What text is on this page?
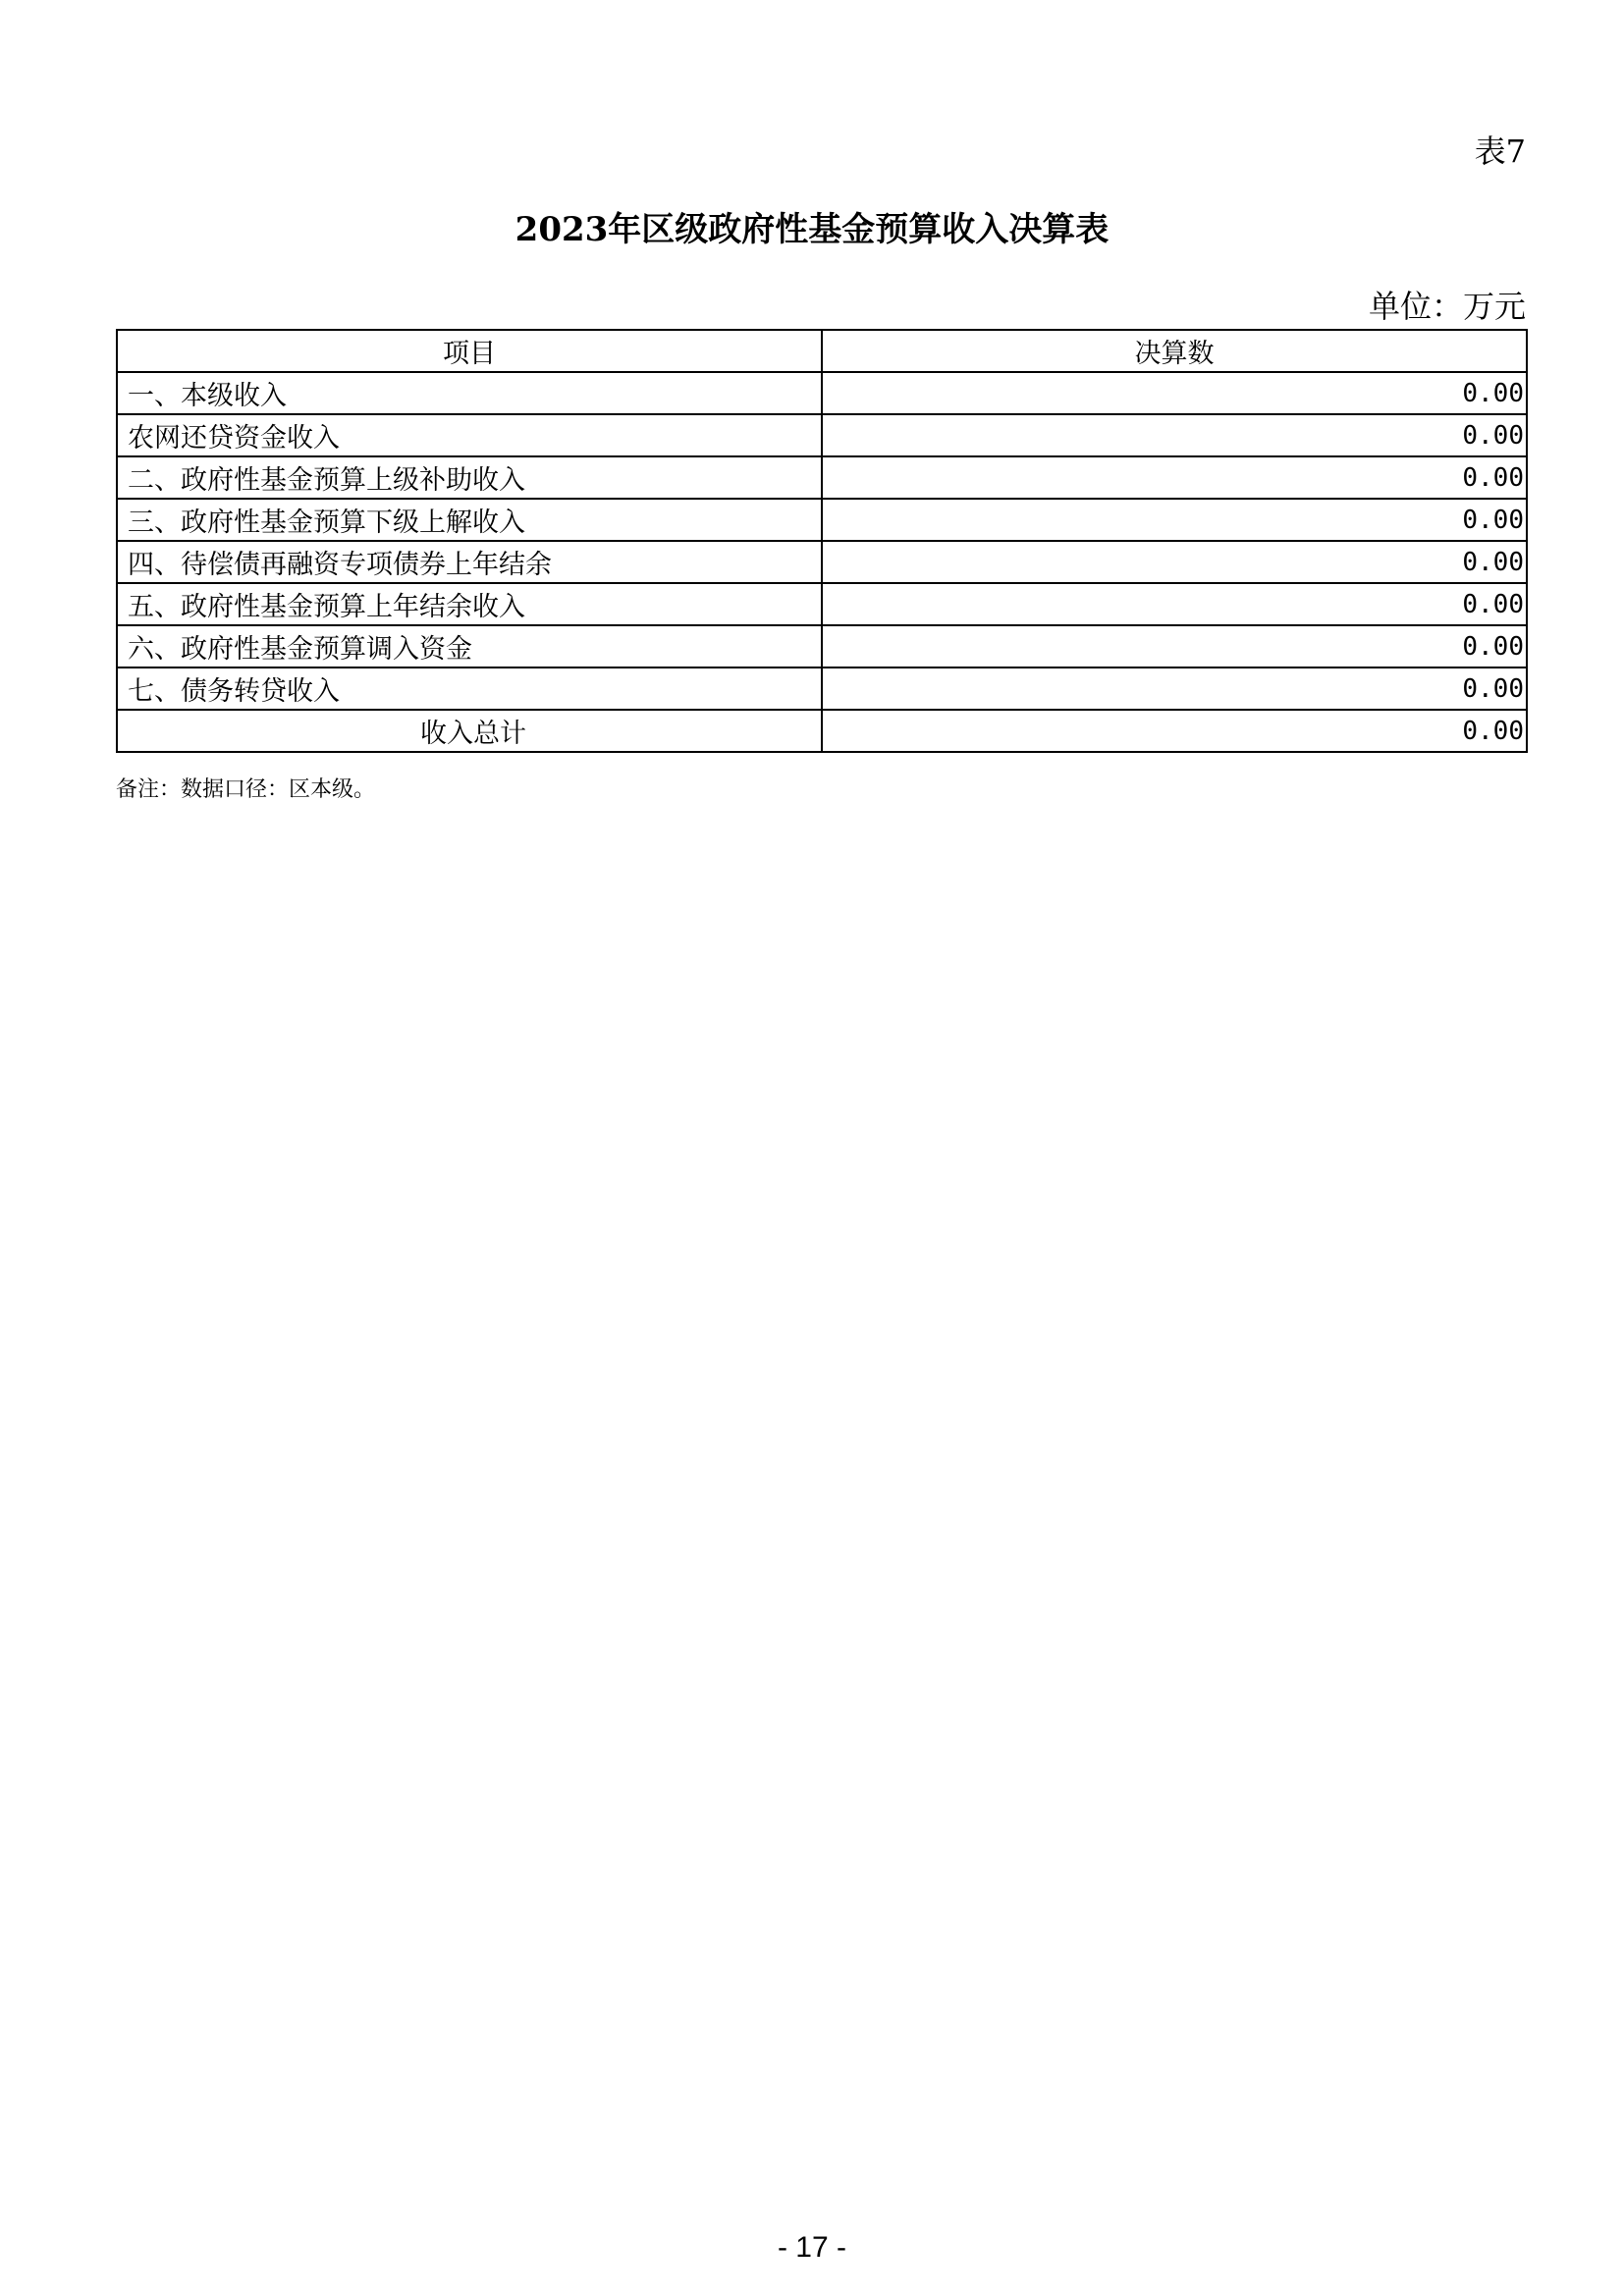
表7
2023年区级政府性基金预算收入决算表
单位：万元
项目	决算数
一、本级收入	0.00
农网还贷资金收入	0.00
二、政府性基金预算上级补助收入	0.00
三、政府性基金预算下级上解收入	0.00
四、待偿债再融资专项债券上年结余	0.00
五、政府性基金预算上年结余收入	0.00
六、政府性基金预算调入资金	0.00
七、债务转贷收入	0.00
收入总计	0.00
备注：数据口径：区本级。
- 17 -
